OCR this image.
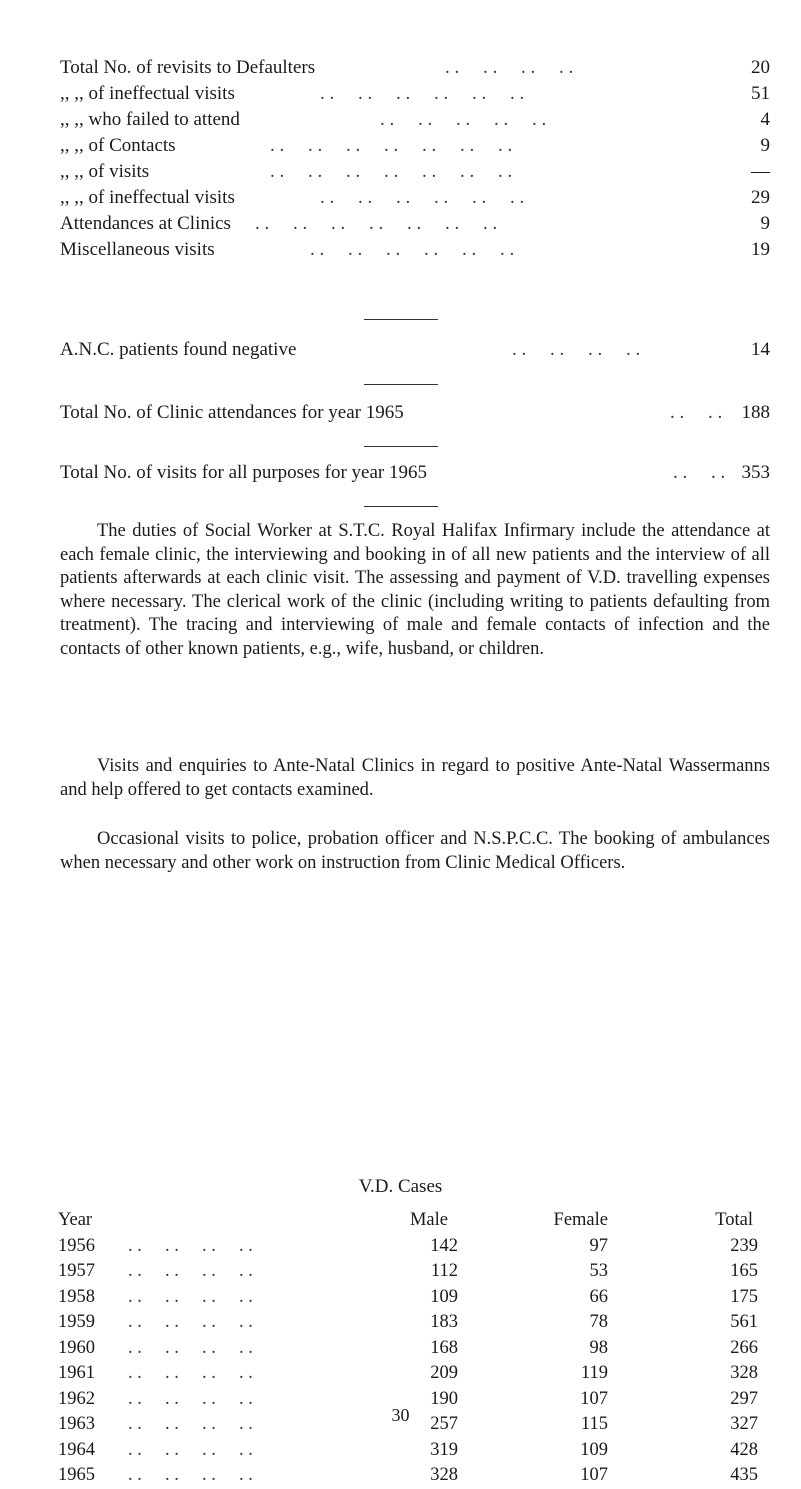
Total No. of revisits to Defaulters	. .     . .     . .     . .	20
,, ,, of ineffectual visits	. .     . .     . .     . .     . .     . .	51
,, ,, who failed to attend	. .     . .     . .     . .     . .	4
,, ,, of Contacts	. .     . .     . .     . .     . .     . .     . .	9
,, ,, of visits	. .     . .     . .     . .     . .     . .     . .	—
,, ,, of ineffectual visits	. .     . .     . .     . .     . .     . .	29
Attendances at Clinics . .     . .     . .     . .     . .     . .     . .	9
Miscellaneous visits	. .     . .     . .     . .     . .     . .	19
A.N.C. patients found negative	. .     . .     . .     . .	14
Total No. of Clinic attendances for year 1965	. .     . . 188
Total No. of visits for all purposes for year 1965	. .     . . 353

The duties of Social Worker at S.T.C. Royal Halifax Infirmary include the attendance at each female clinic, the interviewing and booking in of all new patients and the interview of all patients afterwards at each clinic visit. The assessing and payment of V.D. travelling expenses where necessary. The clerical work of the clinic (including writing to patients defaulting from treatment). The tracing and interviewing of male and female contacts of infection and the contacts of other known patients, e.g., wife, husband, or children.

Visits and enquiries to Ante-Natal Clinics in regard to positive Ante-Natal Wassermanns and help offered to get contacts examined.

Occasional visits to police, probation officer and N.S.P.C.C. The booking of ambulances when necessary and other work on instruction from Clinic Medical Officers.

V.D. Cases
Year	Male	Female	Total
1956 . .     . .     . .     . .	142	97	239
1957 . .     . .     . .     . .	112	53	165
1958 . .     . .     . .     . .	109	66	175
1959 . .     . .     . .     . .	183	78	561
1960 . .     . .     . .     . .	168	98	266
1961 . .     . .     . .     . .	209	119	328
1962 . .     . .     . .     . .	190	107	297
1963 . .     . .     . .     . .	257	115	327
1964 . .     . .     . .     . .	319	109	428
1965 . .     . .     . .     . .	328	107	435
30
